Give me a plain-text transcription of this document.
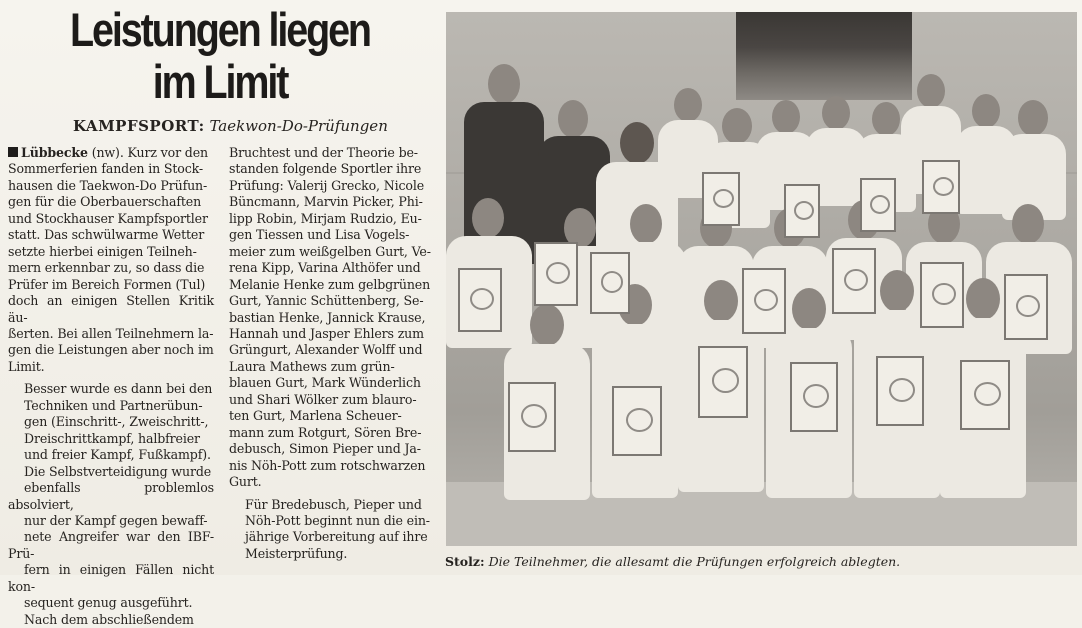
Leistungen liegen
im Limit
KAMPFSPORT: Taekwon-Do-Prüfungen

Lübbecke (nw). Kurz vor den
Sommerferien fanden in Stock-
hausen die Taekwon-Do Prüfun-
gen für die Oberbauerschaften
und Stockhauser Kampfsportler
statt. Das schwülwarme Wetter
setzte hierbei einigen Teilneh-
mern erkennbar zu, so dass die
Prüfer im Bereich Formen (Tul)
doch an einigen Stellen Kritik äu-
ßerten. Bei allen Teilnehmern la-
gen die Leistungen aber noch im
Limit.

Besser wurde es dann bei den
Techniken und Partnerübun-
gen (Einschritt-, Zweischritt-,
Dreischrittkampf, halbfreier
und freier Kampf, Fußkampf).
Die Selbstverteidigung wurde
ebenfalls problemlos absolviert,
nur der Kampf gegen bewaff-
nete Angreifer war den IBF-Prü-
fern in einigen Fällen nicht kon-
sequent genug ausgeführt.

Nach dem abschließendem

Bruchtest und der Theorie be-
standen folgende Sportler ihre
Prüfung: Valerij Grecko, Nicole
Büncmann, Marvin Picker, Phi-
lipp Robin, Mirjam Rudzio, Eu-
gen Tiessen und Lisa Vogels-
meier zum weißgelben Gurt, Ve-
rena Kipp, Varina Althöfer und
Melanie Henke zum gelbgrünen
Gurt, Yannic Schüttenberg, Se-
bastian Henke, Jannick Krause,
Hannah und Jasper Ehlers zum
Grüngurt, Alexander Wolff und
Laura Mathews zum grün-
blauen Gurt, Mark Wünderlich
und Shari Wölker zum blauro-
ten Gurt, Marlena Scheuer-
mann zum Rotgurt, Sören Bre-
debusch, Simon Pieper und Ja-
nis Nöh-Pott zum rotschwarzen
Gurt.

Für Bredebusch, Pieper und
Nöh-Pott beginnt nun die ein-
jährige Vorbereitung auf ihre
Meisterprüfung.

Stolz: Die Teilnehmer, die allesamt die Prüfungen erfolgreich ablegten.
